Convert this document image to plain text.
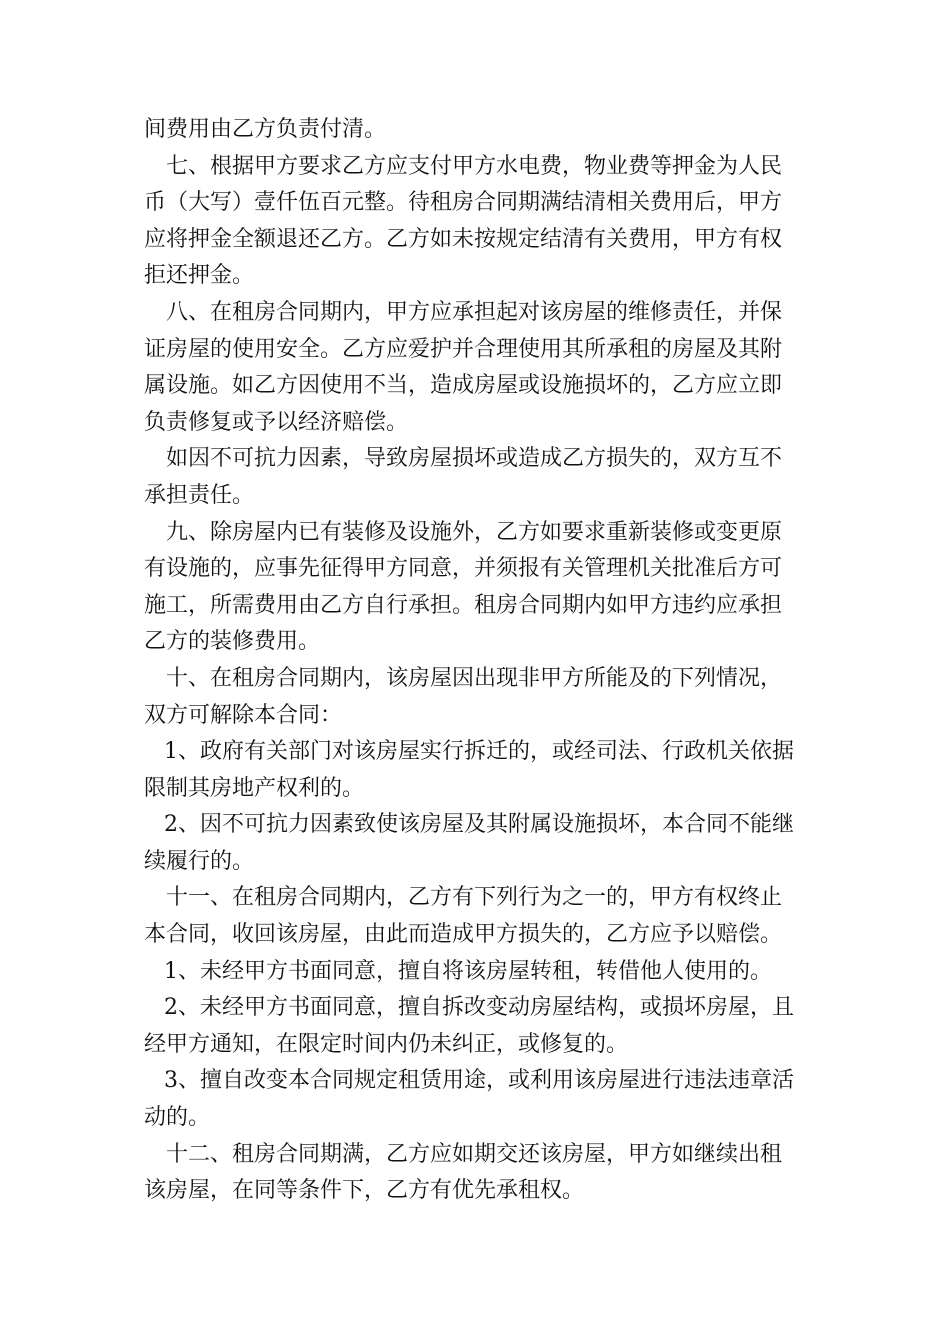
间费用由乙方负责付清。
七、根据甲方要求乙方应支付甲方水电费，物业费等押金为人民
币（大写）壹仟伍百元整。待租房合同期满结清相关费用后，甲方
应将押金全额退还乙方。乙方如未按规定结清有关费用，甲方有权
拒还押金。
八、在租房合同期内，甲方应承担起对该房屋的维修责任，并保
证房屋的使用安全。乙方应爱护并合理使用其所承租的房屋及其附
属设施。如乙方因使用不当，造成房屋或设施损坏的，乙方应立即
负责修复或予以经济赔偿。
如因不可抗力因素，导致房屋损坏或造成乙方损失的，双方互不
承担责任。
九、除房屋内已有装修及设施外，乙方如要求重新装修或变更原
有设施的，应事先征得甲方同意，并须报有关管理机关批准后方可
施工，所需费用由乙方自行承担。租房合同期内如甲方违约应承担
乙方的装修费用。
十、在租房合同期内，该房屋因出现非甲方所能及的下列情况，
双方可解除本合同：
1、政府有关部门对该房屋实行拆迁的，或经司法、行政机关依据
限制其房地产权利的。
2、因不可抗力因素致使该房屋及其附属设施损坏，本合同不能继
续履行的。
十一、在租房合同期内，乙方有下列行为之一的，甲方有权终止
本合同，收回该房屋，由此而造成甲方损失的，乙方应予以赔偿。
1、未经甲方书面同意，擅自将该房屋转租，转借他人使用的。
2、未经甲方书面同意，擅自拆改变动房屋结构，或损坏房屋，且
经甲方通知，在限定时间内仍未纠正，或修复的。
3、擅自改变本合同规定租赁用途，或利用该房屋进行违法违章活
动的。
十二、租房合同期满，乙方应如期交还该房屋，甲方如继续出租
该房屋，在同等条件下，乙方有优先承租权。
